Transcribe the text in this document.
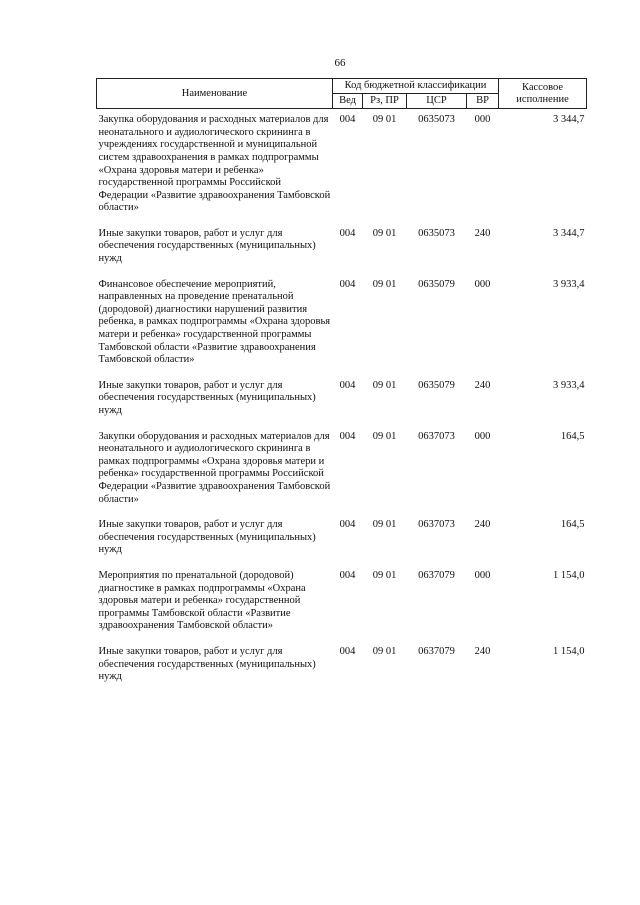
66
Наименование	Код бюджетной классификации				Кассовое исполнение
	Вед	Рз, ПР	ЦСР	ВР	
Закупка оборудования и расходных материалов для неонатального и аудиологического скрининга в учреждениях государственной и муниципальной систем здравоохранения в рамках подпрограммы «Охрана здоровья матери и ребенка» государственной программы Российской Федерации «Развитие здравоохранения Тамбовской области»	004	09 01	0635073	000	3 344,7
Иные закупки товаров, работ и услуг для обеспечения государственных (муниципальных) нужд	004	09 01	0635073	240	3 344,7
Финансовое обеспечение мероприятий, направленных на проведение пренатальной (дородовой) диагностики нарушений развития ребенка, в рамках подпрограммы «Охрана здоровья матери и ребенка» государственной программы Тамбовской области «Развитие здравоохранения Тамбовской области»	004	09 01	0635079	000	3 933,4
Иные закупки товаров, работ и услуг для обеспечения государственных (муниципальных) нужд	004	09 01	0635079	240	3 933,4
Закупки оборудования и расходных материалов для неонатального и аудиологического скрининга в рамках подпрограммы «Охрана здоровья матери и ребенка» государственной программы Российской Федерации «Развитие здравоохранения Тамбовской области»	004	09 01	0637073	000	164,5
Иные закупки товаров, работ и услуг для обеспечения государственных (муниципальных) нужд	004	09 01	0637073	240	164,5
Мероприятия по пренатальной (дородовой) диагностике в рамках подпрограммы «Охрана здоровья матери и ребенка» государственной программы Тамбовской области «Развитие здравоохранения Тамбовской области»	004	09 01	0637079	000	1 154,0
Иные закупки товаров, работ и услуг для обеспечения государственных (муниципальных) нужд	004	09 01	0637079	240	1 154,0
